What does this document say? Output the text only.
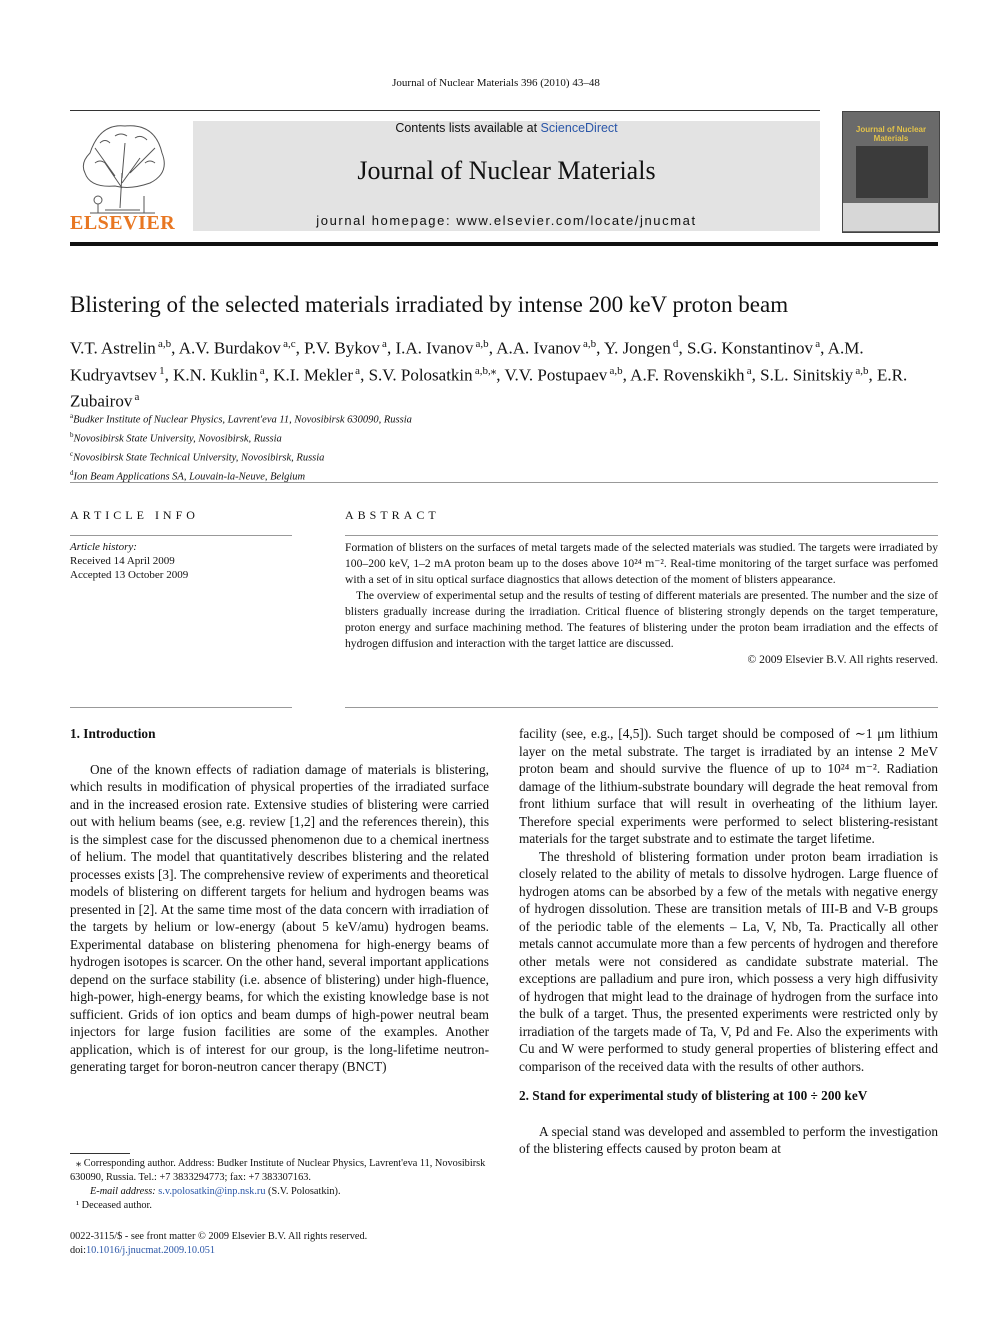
Journal of Nuclear Materials 396 (2010) 43–48
ELSEVIER
Contents lists available at ScienceDirect
Journal of Nuclear Materials
journal homepage: www.elsevier.com/locate/jnucmat
Journal of Nuclear Materials
Blistering of the selected materials irradiated by intense 200 keV proton beam
V.T. Astrelin $^{a,b}$, A.V. Burdakov $^{a,c}$, P.V. Bykov $^a$, I.A. Ivanov $^{a,b}$, A.A. Ivanov $^{a,b}$, Y. Jongen $^d$, S.G. Konstantinov $^a$, A.M. Kudryavtsev $^1$, K.N. Kuklin $^a$, K.I. Mekler $^a$, S.V. Polosatkin $^{a,b,⁎}$, V.V. Postupaev $^{a,b}$, A.F. Rovenskikh $^a$, S.L. Sinitskiy $^{a,b}$, E.R. Zubairov $^a$
$^a$Budker Institute of Nuclear Physics, Lavrent'eva 11, Novosibirsk 630090, Russia
$^b$Novosibirsk State University, Novosibirsk, Russia
$^c$Novosibirsk State Technical University, Novosibirsk, Russia
$^d$Ion Beam Applications SA, Louvain-la-Neuve, Belgium
ARTICLE INFO	ABSTRACT
Article history:
Received 14 April 2009
Accepted 13 October 2009

Formation of blisters on the surfaces of metal targets made of the selected materials was studied. The targets were irradiated by 100–200 keV, 1–2 mA proton beam up to the doses above 10²⁴ m⁻². Real-time monitoring of the target surface was perfomed with a set of in situ optical surface diagnostics that allows detection of the moment of blisters appearance.

The overview of experimental setup and the results of testing of different materials are presented. The number and the size of blisters gradually increase during the irradiation. Critical fluence of blistering strongly depends on the target temperature, proton energy and surface machining method. The features of blistering under the proton beam irradiation and the effects of hydrogen diffusion and interaction with the target lattice are discussed.

© 2009 Elsevier B.V. All rights reserved.
1. Introduction

One of the known effects of radiation damage of materials is blistering, which results in modification of physical properties of the irradiated surface and in the increased erosion rate. Extensive studies of blistering were carried out with helium beams (see, e.g. review [1,2] and the references therein), this is the simplest case for the discussed phenomenon due to a chemical inertness of helium. The model that quantitatively describes blistering and the related processes exists [3]. The comprehensive review of experiments and theoretical models of blistering on different targets for helium and hydrogen beams was presented in [2]. At the same time most of the data concern with irradiation of the targets by helium or low-energy (about 5 keV/amu) hydrogen beams. Experimental database on blistering phenomena for high-energy beams of hydrogen isotopes is scarcer. On the other hand, several important applications depend on the surface stability (i.e. absence of blistering) under high-fluence, high-power, high-energy beams, for which the existing knowledge base is not sufficient. Grids of ion optics and beam dumps of high-power neutral beam injectors for large fusion facilities are some of the examples. Another application, which is of interest for our group, is the long-lifetime neutron-generating target for boron-neutron cancer therapy (BNCT)

facility (see, e.g., [4,5]). Such target should be composed of ∼1 μm lithium layer on the metal substrate. The target is irradiated by an intense 2 MeV proton beam and should survive the fluence of up to 10²⁴ m⁻². Radiation damage of the lithium-substrate boundary will degrade the heat removal from front lithium surface that will result in overheating of the lithium layer. Therefore special experiments were performed to select blistering-resistant materials for the target substrate and to estimate the target lifetime.

The threshold of blistering formation under proton beam irradiation is closely related to the ability of metals to dissolve hydrogen. Large fluence of hydrogen atoms can be absorbed by a few of the metals with negative energy of hydrogen dissolution. These are transition metals of III-B and V-B groups of the periodic table of the elements – La, V, Nb, Ta. Practically all other metals cannot accumulate more than a few percents of hydrogen and therefore other metals were not considered as candidate substrate material. The exceptions are palladium and pure iron, which possess a very high diffusivity of hydrogen that might lead to the drainage of hydrogen from the surface into the bulk of a target. Thus, the presented experiments were restricted only by irradiation of the targets made of Ta, V, Pd and Fe. Also the experiments with Cu and W were performed to study general properties of blistering effect and comparison of the received data with the results of other authors.

2. Stand for experimental study of blistering at 100 ÷ 200 keV

A special stand was developed and assembled to perform the investigation of the blistering effects caused by proton beam at

⁎ Corresponding author. Address: Budker Institute of Nuclear Physics, Lavrent'eva 11, Novosibirsk 630090, Russia. Tel.: +7 3833294773; fax: +7 383307163.
E-mail address: s.v.polosatkin@inp.nsk.ru (S.V. Polosatkin).
¹ Deceased author.
0022-3115/$ - see front matter © 2009 Elsevier B.V. All rights reserved.
doi:10.1016/j.jnucmat.2009.10.051
